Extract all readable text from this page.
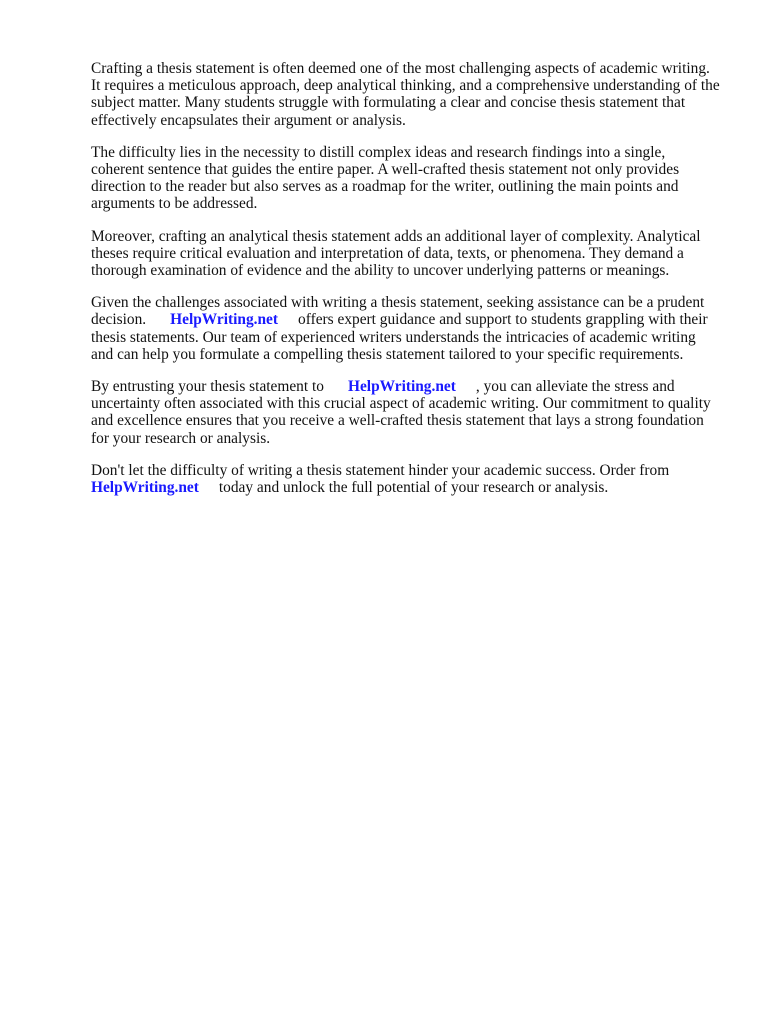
Crafting a thesis statement is often deemed one of the most challenging aspects of academic writing. It requires a meticulous approach, deep analytical thinking, and a comprehensive understanding of the subject matter. Many students struggle with formulating a clear and concise thesis statement that effectively encapsulates their argument or analysis.

The difficulty lies in the necessity to distill complex ideas and research findings into a single, coherent sentence that guides the entire paper. A well-crafted thesis statement not only provides direction to the reader but also serves as a roadmap for the writer, outlining the main points and arguments to be addressed.

Moreover, crafting an analytical thesis statement adds an additional layer of complexity. Analytical theses require critical evaluation and interpretation of data, texts, or phenomena. They demand a thorough examination of evidence and the ability to uncover underlying patterns or meanings.

Given the challenges associated with writing a thesis statement, seeking assistance can be a prudent decision. HelpWriting.net offers expert guidance and support to students grappling with their thesis statements. Our team of experienced writers understands the intricacies of academic writing and can help you formulate a compelling thesis statement tailored to your specific requirements.

By entrusting your thesis statement to HelpWriting.net , you can alleviate the stress and uncertainty often associated with this crucial aspect of academic writing. Our commitment to quality and excellence ensures that you receive a well-crafted thesis statement that lays a strong foundation for your research or analysis.

Don't let the difficulty of writing a thesis statement hinder your academic success. Order from HelpWriting.net today and unlock the full potential of your research or analysis.
